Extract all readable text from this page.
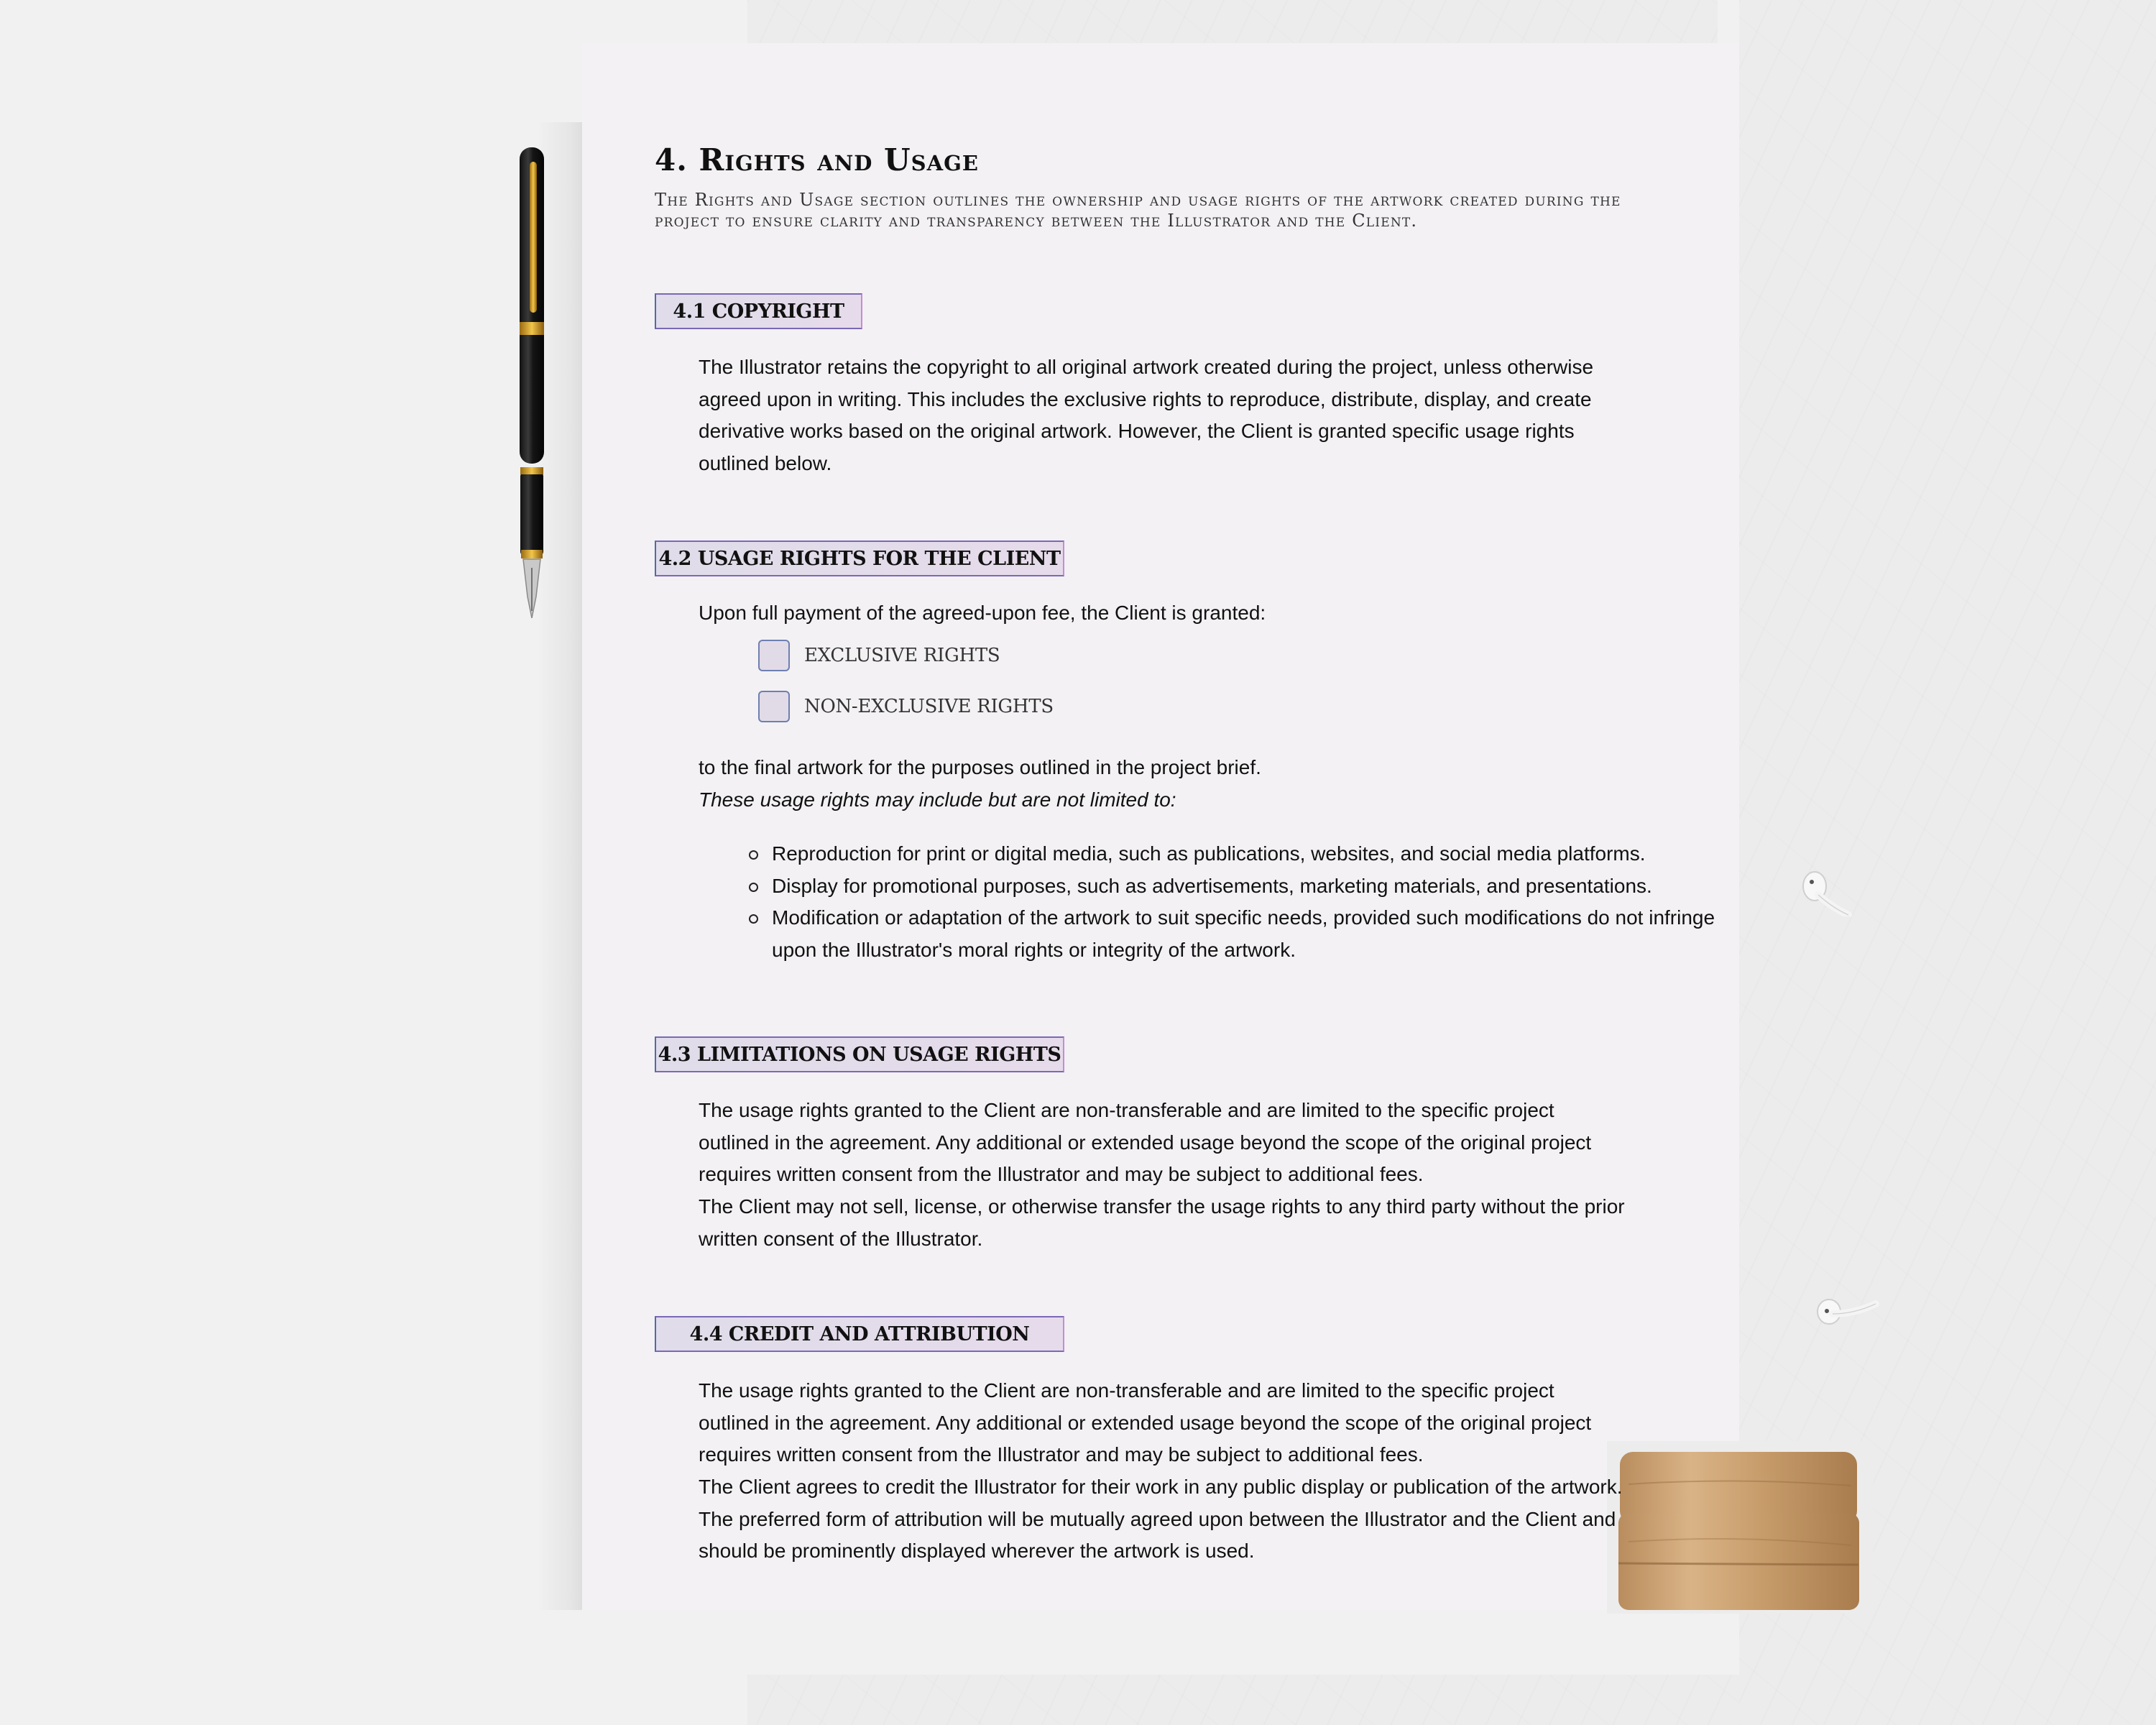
4. Rights and Usage

The Rights and Usage section outlines the ownership and usage rights of the artwork created during the project to ensure clarity and transparency between the Illustrator and the Client.

4.1 COPYRIGHT

The Illustrator retains the copyright to all original artwork created during the project, unless otherwise agreed upon in writing. This includes the exclusive rights to reproduce, distribute, display, and create derivative works based on the original artwork. However, the Client is granted specific usage rights outlined below.

4.2 USAGE RIGHTS FOR THE CLIENT

Upon full payment of the agreed-upon fee, the Client is granted:

EXCLUSIVE RIGHTS
NON-EXCLUSIVE RIGHTS

to the final artwork for the purposes outlined in the project brief.

These usage rights may include but are not limited to:

Reproduction for print or digital media, such as publications, websites, and social media platforms.
Display for promotional purposes, such as advertisements, marketing materials, and presentations.
Modification or adaptation of the artwork to suit specific needs, provided such modifications do not infringe upon the Illustrator's moral rights or integrity of the artwork.
4.3 LIMITATIONS ON USAGE RIGHTS

The usage rights granted to the Client are non-transferable and are limited to the specific project outlined in the agreement. Any additional or extended usage beyond the scope of the original project requires written consent from the Illustrator and may be subject to additional fees.

The Client may not sell, license, or otherwise transfer the usage rights to any third party without the prior written consent of the Illustrator.

4.4 CREDIT AND ATTRIBUTION

The usage rights granted to the Client are non-transferable and are limited to the specific project outlined in the agreement. Any additional or extended usage beyond the scope of the original project requires written consent from the Illustrator and may be subject to additional fees.

The Client agrees to credit the Illustrator for their work in any public display or publication of the artwork. The preferred form of attribution will be mutually agreed upon between the Illustrator and the Client and should be prominently displayed wherever the artwork is used.
